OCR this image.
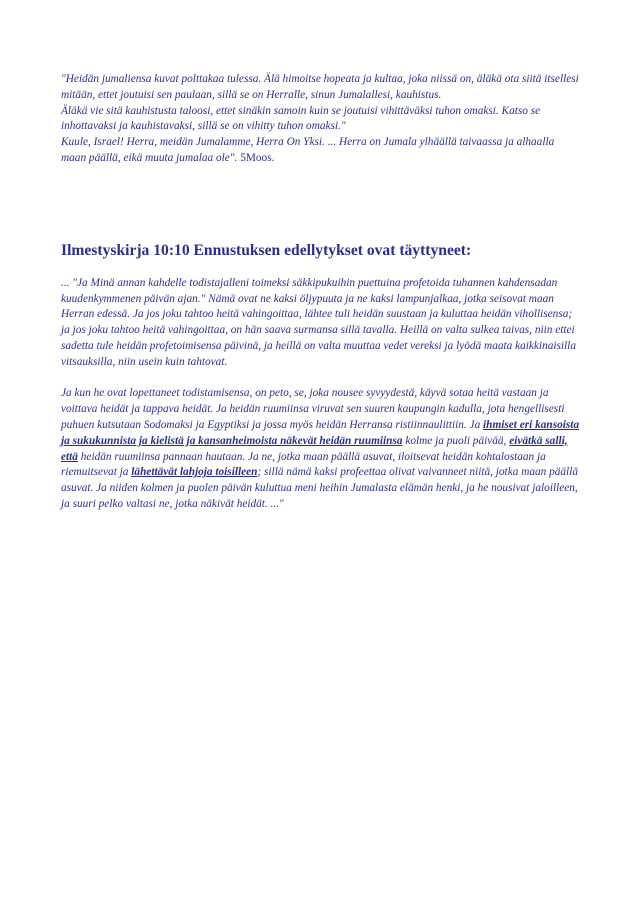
"Heidän jumaliensa kuvat polttakaa tulessa. Älä himoitse hopeata ja kultaa, joka niissä on, äläkä ota siitä itsellesi mitään, ettet joutuisi sen paulaan, sillä se on Herralle, sinun Jumalallesi, kauhistus.

Äläkä vie sitä kauhistusta taloosi, ettet sinäkin samoin kuin se joutuisi vihittäväksi tuhon omaksi. Katso se inhottavaksi ja kauhistavaksi, sillä se on vihitty tuhon omaksi."

Kuule, Israel! Herra, meidän Jumalamme, Herra On Yksi. ... Herra on Jumala ylhäällä taivaassa ja alhaalla maan päällä, eikä muuta jumalaa ole". 5Moos.

Ilmestyskirja 10:10 Ennustuksen edellytykset ovat täyttyneet:

... "Ja Minä annan kahdelle todistajalleni toimeksi säkkipukuihin puettuina profetoida tuhannen kahdensadan kuudenkymmenen päivän ajan." Nämä ovat ne kaksi öljypuuta ja ne kaksi lampunjalkaa, jotka seisovat maan Herran edessä. Ja jos joku tahtoo heitä vahingoittaa, lähtee tuli heidän suustaan ja kuluttaa heidän vihollisensa; ja jos joku tahtoo heitä vahingoittaa, on hän saava surmansa sillä tavalla. Heillä on valta sulkea taivas, niin ettei sadetta tule heidän profetoimisensa päivinä, ja heillä on valta muuttaa vedet vereksi ja lyödä maata kaikkinaisilla vitsauksilla, niin usein kuin tahtovat.

Ja kun he ovat lopettaneet todistamisensa, on peto, se, joka nousee syvyydestä, käyvä sotaa heitä vastaan ja voittava heidät ja tappava heidät. Ja heidän ruumiinsa viruvat sen suuren kaupungin kadulla, jota hengellisesti puhuen kutsutaan Sodomaksi ja Egyptiksi ja jossa myös heidän Herransa ristiinnaulittiin. Ja ihmiset eri kansoista ja sukukunnista ja kielistä ja kansanheimoista näkevät heidän ruumiinsa kolme ja puoli päivää, eivätkä salli, että heidän ruumiinsa pannaan hautaan. Ja ne, jotka maan päällä asuvat, iloitsevat heidän kohtalostaan ja riemuitsevat ja lähettävät lahjoja toisilleen; sillä nämä kaksi profeettaa olivat vaivanneet niitä, jotka maan päällä asuvat. Ja niiden kolmen ja puolen päivän kuluttua meni heihin Jumalasta elämän henki, ja he nousivat jaloilleen, ja suuri pelko valtasi ne, jotka näkivät heidät. ..."
